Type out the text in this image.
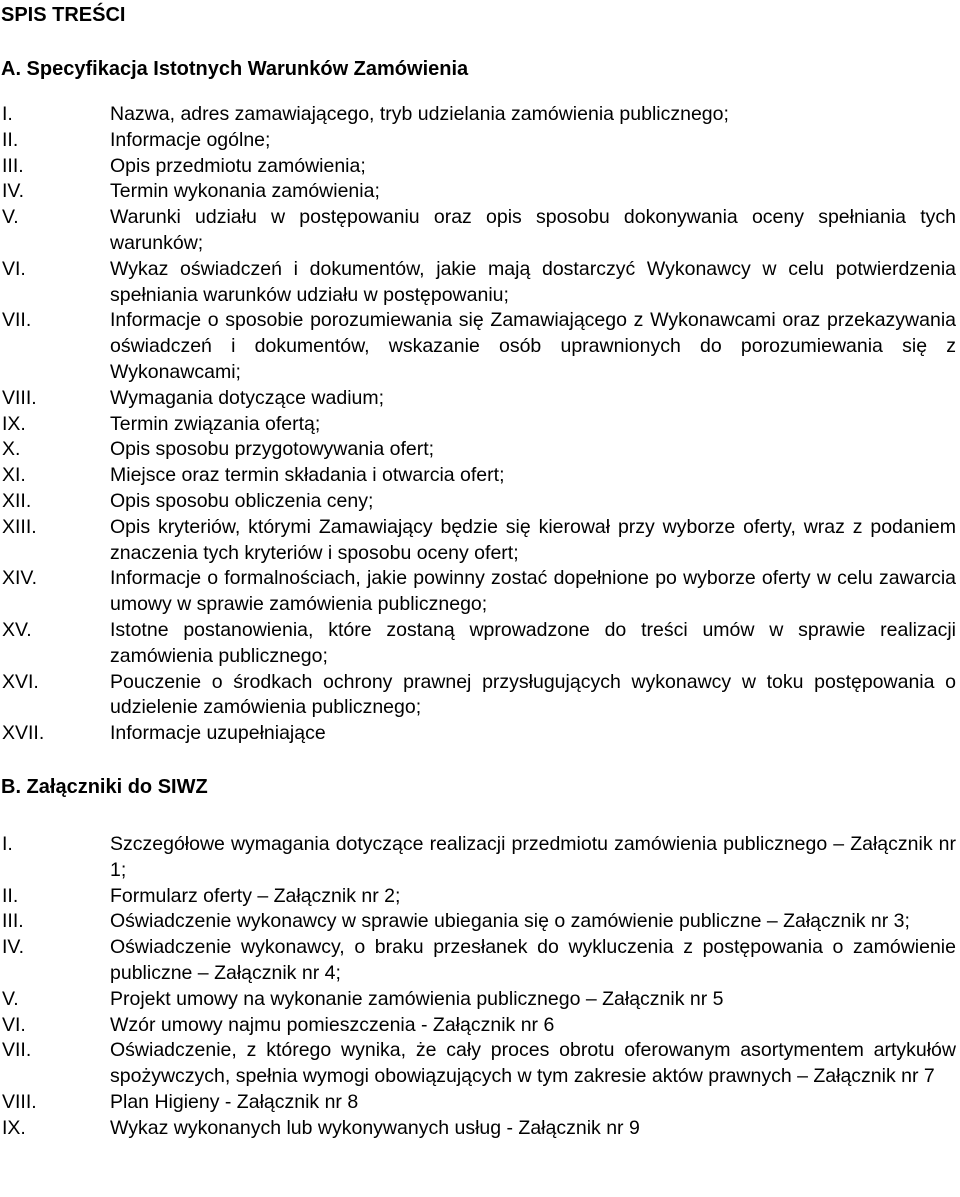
SPIS TREŚCI
A. Specyfikacja Istotnych Warunków Zamówienia
I.	Nazwa, adres zamawiającego, tryb udzielania zamówienia publicznego;
II.	Informacje ogólne;
III.	Opis przedmiotu zamówienia;
IV.	Termin wykonania zamówienia;
V.	Warunki udziału w postępowaniu oraz opis sposobu dokonywania oceny spełniania tych warunków;
VI.	Wykaz oświadczeń i dokumentów, jakie mają dostarczyć Wykonawcy w celu potwierdzenia spełniania warunków udziału w postępowaniu;
VII.	Informacje o sposobie porozumiewania się Zamawiającego z Wykonawcami oraz przekazywania oświadczeń i dokumentów, wskazanie osób uprawnionych do porozumiewania się z Wykonawcami;
VIII.	Wymagania dotyczące wadium;
IX.	Termin związania ofertą;
X.	Opis sposobu przygotowywania ofert;
XI.	Miejsce oraz termin składania i otwarcia ofert;
XII.	Opis sposobu obliczenia ceny;
XIII.	Opis kryteriów, którymi Zamawiający będzie się kierował przy wyborze oferty, wraz z podaniem znaczenia tych kryteriów i sposobu oceny ofert;
XIV.	Informacje o formalnościach, jakie powinny zostać dopełnione po wyborze oferty w celu zawarcia umowy w sprawie zamówienia publicznego;
XV.	Istotne postanowienia, które zostaną wprowadzone do treści umów w sprawie realizacji zamówienia publicznego;
XVI.	Pouczenie o środkach ochrony prawnej przysługujących wykonawcy w toku postępowania o udzielenie zamówienia publicznego;
XVII.	Informacje uzupełniające
B. Załączniki do SIWZ
I.	Szczegółowe wymagania dotyczące realizacji przedmiotu zamówienia publicznego – Załącznik nr 1;
II.	Formularz oferty – Załącznik nr 2;
III.	Oświadczenie wykonawcy w sprawie ubiegania się o zamówienie publiczne – Załącznik nr 3;
IV.	Oświadczenie wykonawcy, o braku przesłanek do wykluczenia z postępowania o zamówienie publiczne – Załącznik nr 4;
V.	Projekt umowy na wykonanie zamówienia publicznego – Załącznik nr 5
VI.	Wzór umowy najmu pomieszczenia - Załącznik nr 6
VII.	Oświadczenie, z którego wynika, że cały proces obrotu oferowanym asortymentem artykułów spożywczych, spełnia wymogi obowiązujących w tym zakresie aktów prawnych – Załącznik nr 7
VIII.	Plan Higieny - Załącznik nr 8
IX.	Wykaz wykonanych lub wykonywanych usług - Załącznik nr 9
